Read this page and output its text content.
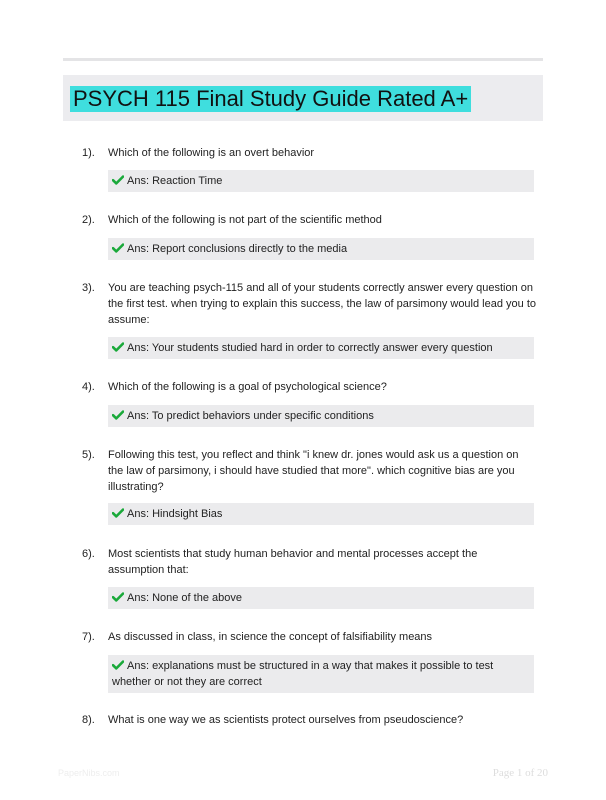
PSYCH 115 Final Study Guide Rated A+
1). Which of the following is an overt behavior
Ans: Reaction Time
2). Which of the following is not part of the scientific method
Ans: Report conclusions directly to the media
3). You are teaching psych-115 and all of your students correctly answer every question on the first test. when trying to explain this success, the law of parsimony would lead you to assume:
Ans: Your students studied hard in order to correctly answer every question
4). Which of the following is a goal of psychological science?
Ans: To predict behaviors under specific conditions
5). Following this test, you reflect and think "i knew dr. jones would ask us a question on the law of parsimony, i should have studied that more". which cognitive bias are you illustrating?
Ans: Hindsight Bias
6). Most scientists that study human behavior and mental processes accept the assumption that:
Ans: None of the above
7). As discussed in class, in science the concept of falsifiability means
Ans: explanations must be structured in a way that makes it possible to test whether or not they are correct
8). What is one way we as scientists protect ourselves from pseudoscience?
PaperNibs.com	Page 1 of 20
